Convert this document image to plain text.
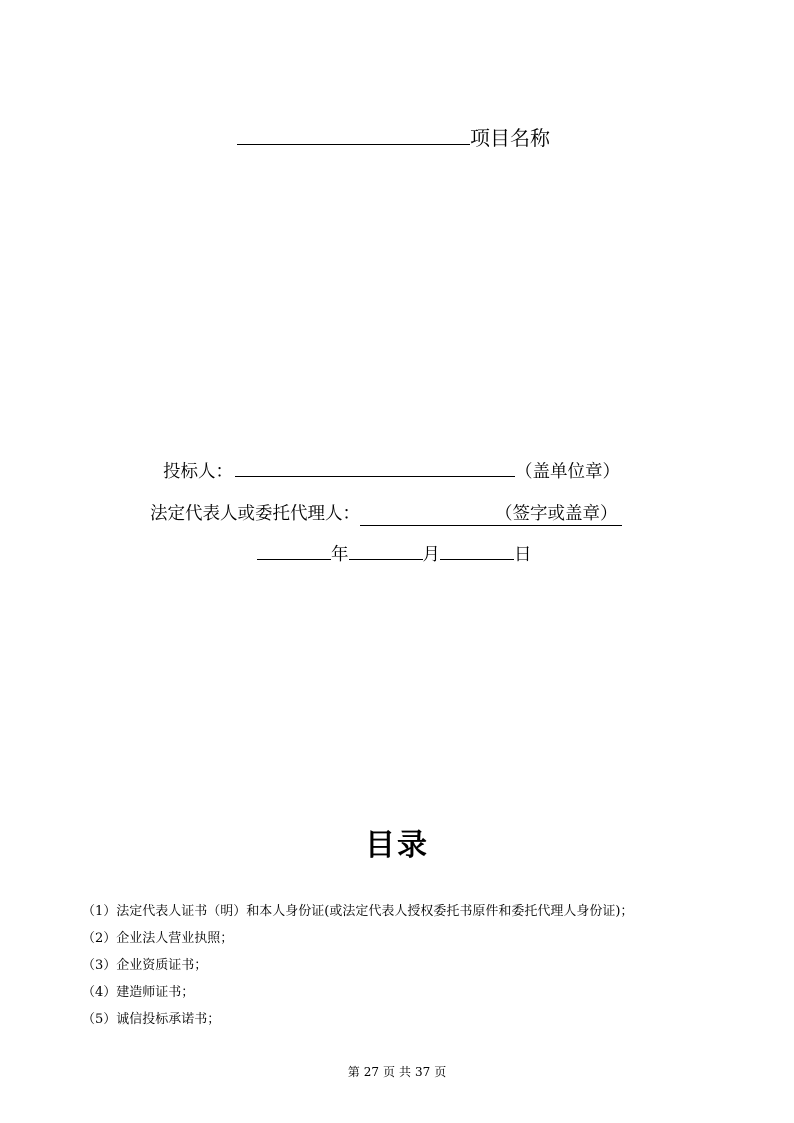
项目名称
投标人：	（盖单位章）
法定代表人或委托代理人：	（签字或盖章）
年	月	日
目录
（1）法定代表人证书（明）和本人身份证(或法定代表人授权委托书原件和委托代理人身份证)；
（2）企业法人营业执照；
（3）企业资质证书；
（4）建造师证书；
（5）诚信投标承诺书；
第 27 页 共 37 页
